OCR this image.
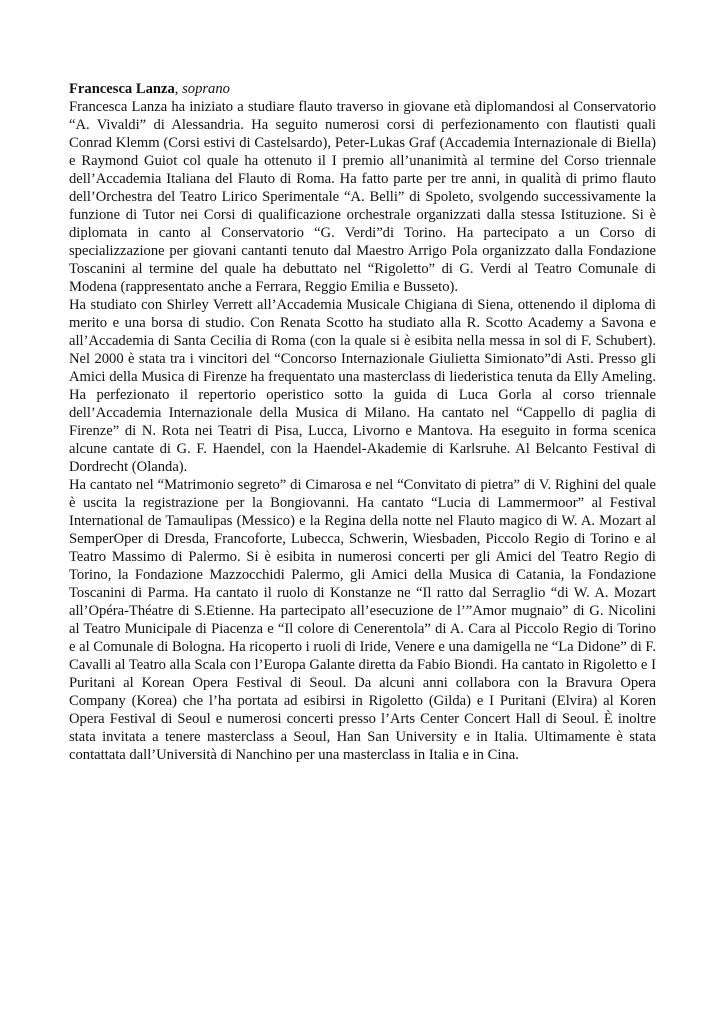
Francesca Lanza, soprano

Francesca Lanza ha iniziato a studiare flauto traverso in giovane età diplomandosi al Conservatorio “A. Vivaldi” di Alessandria. Ha seguito numerosi corsi di perfezionamento con flautisti quali Conrad Klemm (Corsi estivi di Castelsardo), Peter-Lukas Graf (Accademia Internazionale di Biella) e Raymond Guiot col quale ha ottenuto il I premio all’unanimità al termine del Corso triennale dell’Accademia Italiana del Flauto di Roma. Ha fatto parte per tre anni, in qualità di primo flauto dell’Orchestra del Teatro Lirico Sperimentale “A. Belli” di Spoleto, svolgendo successivamente la funzione di Tutor nei Corsi di qualificazione orchestrale organizzati dalla stessa Istituzione. Si è diplomata in canto al Conservatorio “G. Verdi”di Torino. Ha partecipato a un Corso di specializzazione per giovani cantanti tenuto dal Maestro Arrigo Pola organizzato dalla Fondazione Toscanini al termine del quale ha debuttato nel “Rigoletto” di G. Verdi al Teatro Comunale di Modena (rappresentato anche a Ferrara, Reggio Emilia e Busseto).

Ha studiato con Shirley Verrett all’Accademia Musicale Chigiana di Siena, ottenendo il diploma di merito e una borsa di studio. Con Renata Scotto ha studiato alla R. Scotto Academy a Savona e all’Accademia di Santa Cecilia di Roma (con la quale si è esibita nella messa in sol di F. Schubert). Nel 2000 è stata tra i vincitori del “Concorso Internazionale Giulietta Simionato”di Asti. Presso gli Amici della Musica di Firenze ha frequentato una masterclass di liederistica tenuta da Elly Ameling. Ha perfezionato il repertorio operistico sotto la guida di Luca Gorla al corso triennale dell’Accademia Internazionale della Musica di Milano. Ha cantato nel “Cappello di paglia di Firenze” di N. Rota nei Teatri di Pisa, Lucca, Livorno e Mantova. Ha eseguito in forma scenica alcune cantate di G. F. Haendel, con la Haendel-Akademie di Karlsruhe. Al Belcanto Festival di Dordrecht (Olanda).

Ha cantato nel “Matrimonio segreto” di Cimarosa e nel “Convitato di pietra” di V. Righini del quale è uscita la registrazione per la Bongiovanni. Ha cantato “Lucia di Lammermoor” al Festival International de Tamaulipas (Messico) e la Regina della notte nel Flauto magico di W. A. Mozart al SemperOper di Dresda, Francoforte, Lubecca, Schwerin, Wiesbaden, Piccolo Regio di Torino e al Teatro Massimo di Palermo. Si è esibita in numerosi concerti per gli Amici del Teatro Regio di Torino, la Fondazione Mazzocchidi Palermo, gli Amici della Musica di Catania, la Fondazione Toscanini di Parma. Ha cantato il ruolo di Konstanze ne “Il ratto dal Serraglio “di W. A. Mozart all’Opéra-Théatre di S.Etienne. Ha partecipato all’esecuzione de l’”Amor mugnaio” di G. Nicolini al Teatro Municipale di Piacenza e “Il colore di Cenerentola” di A. Cara al Piccolo Regio di Torino e al Comunale di Bologna. Ha ricoperto i ruoli di Iride, Venere e una damigella ne “La Didone” di F. Cavalli al Teatro alla Scala con l’Europa Galante diretta da Fabio Biondi. Ha cantato in Rigoletto e I Puritani al Korean Opera Festival di Seoul. Da alcuni anni collabora con la Bravura Opera Company (Korea) che l’ha portata ad esibirsi in Rigoletto (Gilda) e I Puritani (Elvira) al Koren Opera Festival di Seoul e numerosi concerti presso l’Arts Center Concert Hall di Seoul. È inoltre stata invitata a tenere masterclass a Seoul, Han San University e in Italia. Ultimamente è stata contattata dall’Università di Nanchino per una masterclass in Italia e in Cina.
